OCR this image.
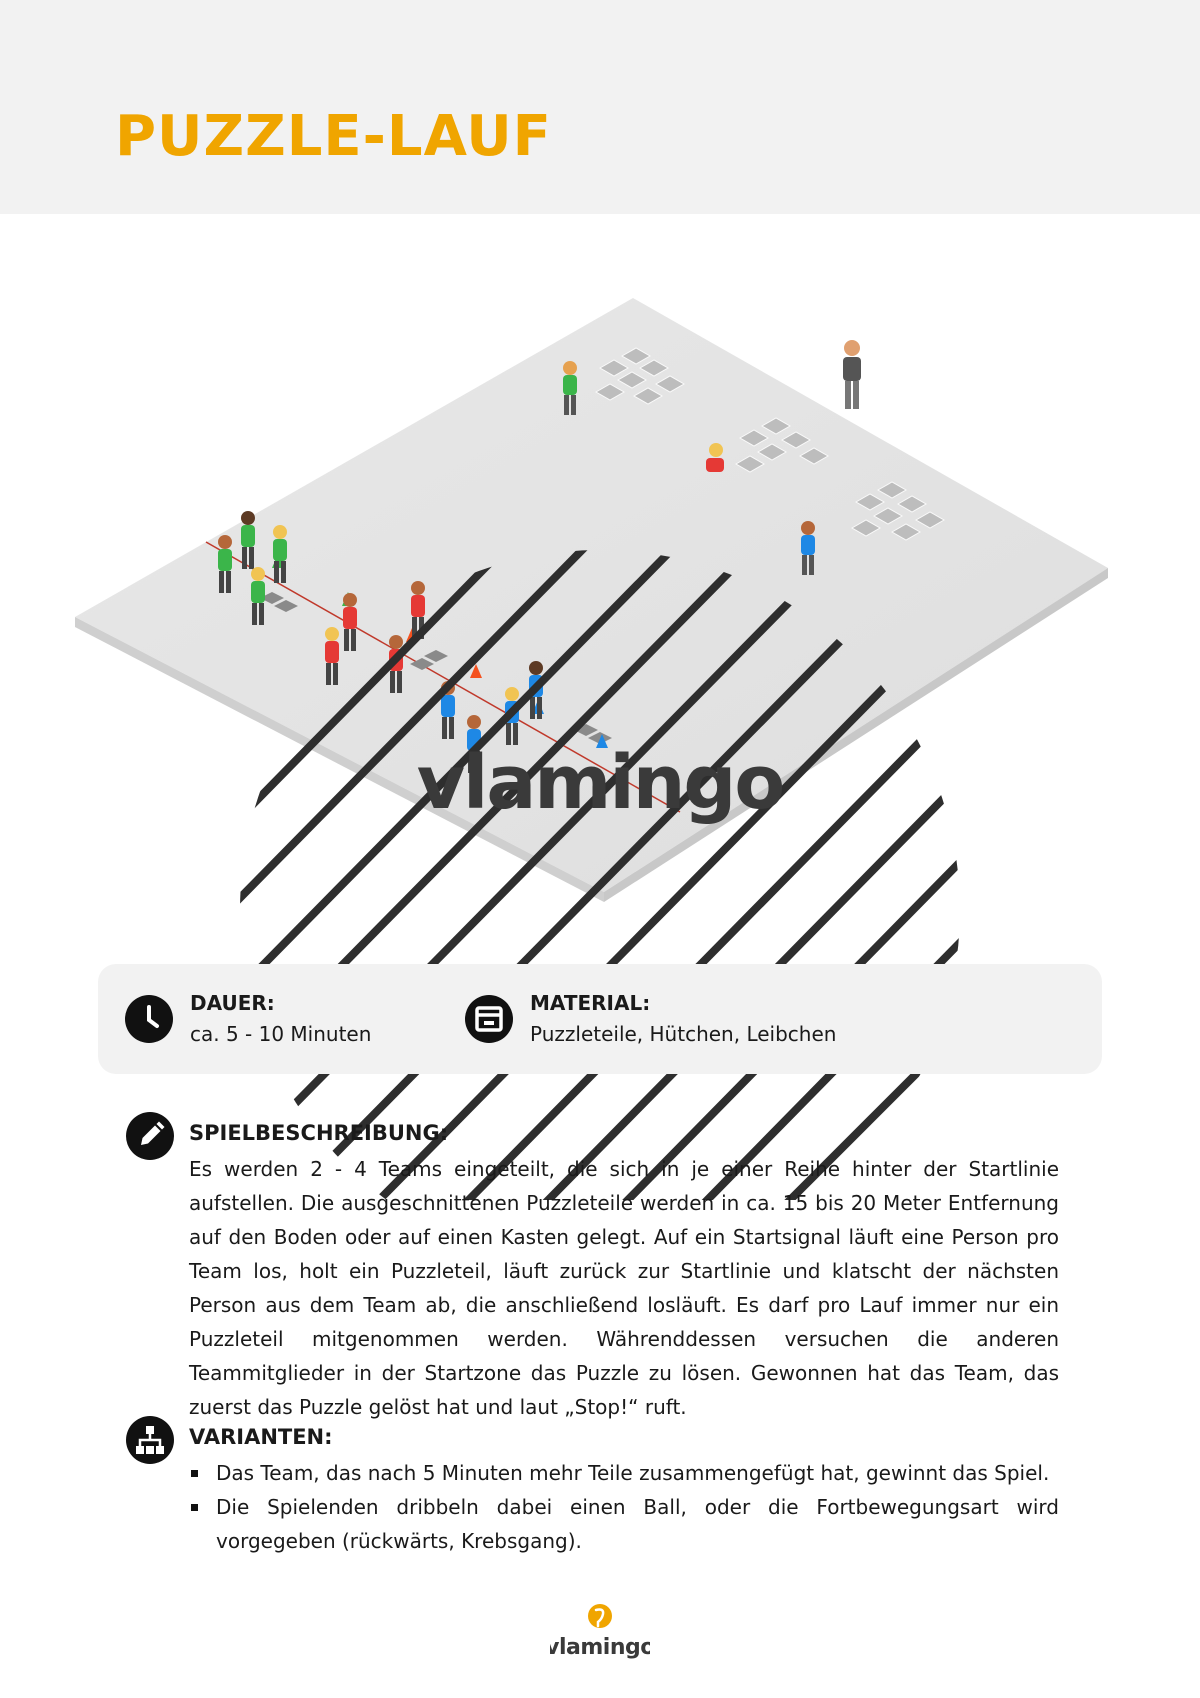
PUZZLE-LAUF
vlamingo
DAUER:
ca. 5 - 10 Minuten
MATERIAL:
Puzzleteile, Hütchen, Leibchen
SPIELBESCHREIBUNG:

Es werden 2 - 4 Teams eingeteilt, die sich in je einer Reihe hinter der Startlinie aufstellen. Die ausgeschnittenen Puzzleteile werden in ca. 15 bis 20 Meter Entfernung auf den Boden oder auf einen Kasten gelegt. Auf ein Startsignal läuft eine Person pro Team los, holt ein Puzzleteil, läuft zurück zur Startlinie und klatscht der nächsten Person aus dem Team ab, die anschließend losläuft. Es darf pro Lauf immer nur ein Puzzleteil mitgenommen werden. Währenddessen versuchen die anderen Teammitglieder in der Startzone das Puzzle zu lösen. Gewonnen hat das Team, das zuerst das Puzzle gelöst hat und laut „Stop!“ ruft.

VARIANTEN:
Das Team, das nach 5 Minuten mehr Teile zusammengefügt hat, gewinnt das Spiel.
Die Spielenden dribbeln dabei einen Ball, oder die Fortbewegungsart wird vorgegeben (rückwärts, Krebsgang).
vlamingo
